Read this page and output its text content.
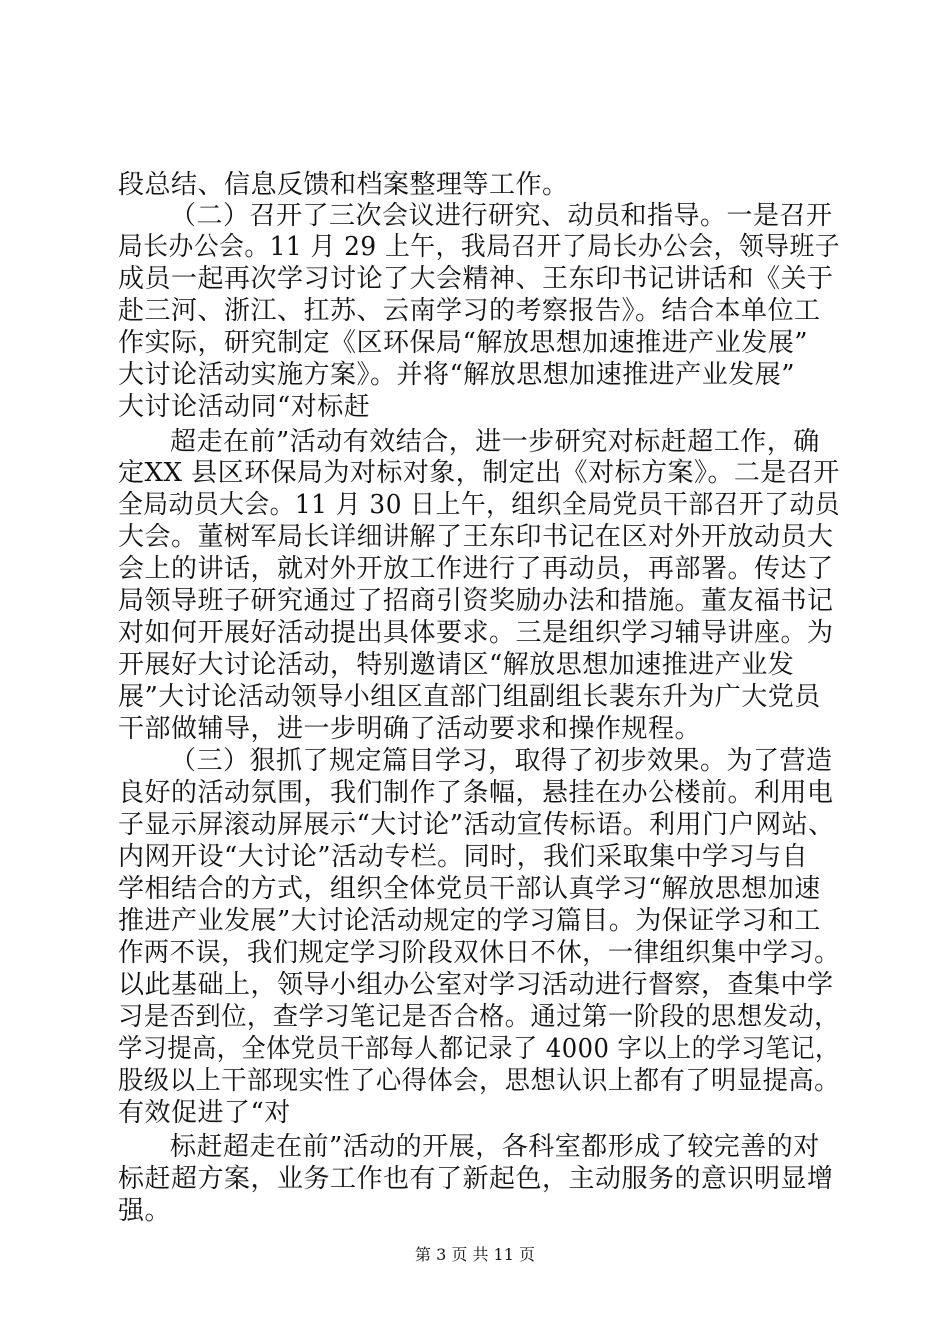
段总结、信息反馈和档案整理等工作。
（二）召开了三次会议进行研究、动员和指导。一是召开
局长办公会。11 月 29 上午，我局召开了局长办公会，领导班子
成员一起再次学习讨论了大会精神、王东印书记讲话和《关于
赴三河、浙江、扛苏、云南学习的考察报告》。结合本单位工
作实际，研究制定《区环保局“解放思想加速推进产业发展”
大讨论活动实施方案》。并将“解放思想加速推进产业发展”
大讨论活动同“对标赶
超走在前”活动有效结合，进一步研究对标赶超工作，确
定XX 县区环保局为对标对象，制定出《对标方案》。二是召开
全局动员大会。11 月 30 日上午，组织全局党员干部召开了动员
大会。董树军局长详细讲解了王东印书记在区对外开放动员大
会上的讲话，就对外开放工作进行了再动员，再部署。传达了
局领导班子研究通过了招商引资奖励办法和措施。董友福书记
对如何开展好活动提出具体要求。三是组织学习辅导讲座。为
开展好大讨论活动，特别邀请区“解放思想加速推进产业发
展”大讨论活动领导小组区直部门组副组长裴东升为广大党员
干部做辅导，进一步明确了活动要求和操作规程。
（三）狠抓了规定篇目学习，取得了初步效果。为了营造
良好的活动氛围，我们制作了条幅，悬挂在办公楼前。利用电
子显示屏滚动屏展示“大讨论”活动宣传标语。利用门户网站、
内网开设“大讨论”活动专栏。同时，我们采取集中学习与自
学相结合的方式，组织全体党员干部认真学习“解放思想加速
推进产业发展”大讨论活动规定的学习篇目。为保证学习和工
作两不误，我们规定学习阶段双休日不休，一律组织集中学习。
以此基础上，领导小组办公室对学习活动进行督察，查集中学
习是否到位，查学习笔记是否合格。通过第一阶段的思想发动，
学习提高，全体党员干部每人都记录了 4000 字以上的学习笔记，
股级以上干部现实性了心得体会，思想认识上都有了明显提高。
有效促进了“对
标赶超走在前”活动的开展，各科室都形成了较完善的对
标赶超方案，业务工作也有了新起色，主动服务的意识明显增
强。
第 3 页 共 11 页
